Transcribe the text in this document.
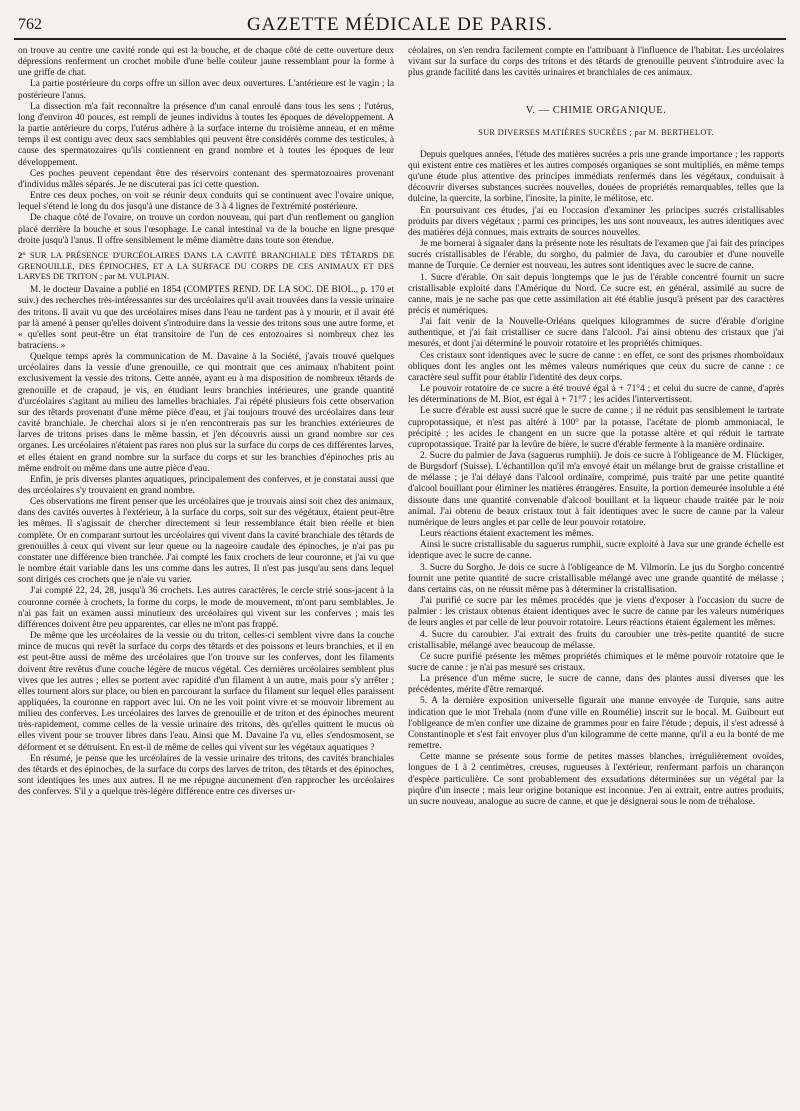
762	GAZETTE MÉDICALE DE PARIS.

on trouve au centre une cavité ronde qui est la bouche, et de chaque côté de cette ouverture deux dépressions renferment un crochet mobile d'une belle couleur jaune ressemblant pour la forme à une griffe de chat.

La partie postérieure du corps offre un sillon avec deux ouvertures. L'antérieure est le vagin ; la postérieure l'anus.

La dissection m'a fait reconnaître la présence d'un canal enroulé dans tous les sens ; l'utérus, long d'environ 40 pouces, est rempli de jeunes individus à toutes les époques de développement. A la partie antérieure du corps, l'utérus adhère à la surface interne du troisième anneau, et en même temps il est contigu avec deux sacs semblables qui peuvent être considérés comme des testicules, à cause des spermatozaires qu'ils contiennent en grand nombre et à toutes les époques de leur développement.

Ces poches peuvent cependant être des réservoirs contenant des spermatozoaires provenant d'individus mâles séparés. Je ne discuterai pas ici cette question.

Entre ces deux poches, on voit se réunir deux conduits qui se continuent avec l'ovaire unique, lequel s'étend le long du dos jusqu'à une distance de 3 à 4 lignes de l'extrémité postérieure.

De chaque côté de l'ovaire, on trouve un cordon nouveau, qui part d'un renflement ou ganglion placé derrière la bouche et sous l'œsophage. Le canal intestinal va de la bouche en ligne presque droite jusqu'à l'anus. Il offre sensiblement le même diamètre dans toute son étendue.

2° SUR LA PRÉSENCE D'URCÉOLAIRES DANS LA CAVITÉ BRANCHIALE DES TÊTARDS DE GRENOUILLE, DES ÉPINOCHES, ET A LA SURFACE DU CORPS DE CES ANIMAUX ET DES LARVES DE TRITON ; par M. VULPIAN.

M. le docteur Davaine a publié en 1854 (COMPTES REND. DE LA SOC. DE BIOL., p. 170 et suiv.) des recherches très-intéressantes sur des urcéolaires qu'il avait trouvées dans la vessie urinaire des tritons. Il avait vu que des urcéolaires mises dans l'eau ne tardent pas à y mourir, et il avait été par là amené à penser qu'elles doivent s'introduire dans la vessie des tritons sous une autre forme, et « qu'elles sont peut-être un état transitoire de l'un de ces entozoaires si nombreux chez les batraciens. »

Quelque temps après la communication de M. Davaine à la Société, j'avais trouvé quelques urcéolaires dans la vessie d'une grenouille, ce qui montrait que ces animaux n'habitent point exclusivement la vessie des tritons. Cette année, ayant eu à ma disposition de nombreux têtards de grenouille et de crapaud, je vis, en étudiant leurs branchies intérieures, une grande quantité d'urcéolaires s'agitant au milieu des lamelles brachiales. J'ai répété plusieurs fois cette observation sur des têtards provenant d'une même pièce d'eau, et j'ai toujours trouvé des urcéolaires dans leur cavité branchiale. Je cherchai alors si je n'en rencontrerais pas sur les branchies extérieures de larves de tritons prises dans le même bassin, et j'en découvris aussi un grand nombre sur ces organes. Les urcéolaires n'étaient pas rares non plus sur la surface du corps de ces différentes larves, et elles étaient en grand nombre sur la surface du corps et sur les branchies d'épinoches pris au même endroit ou même dans une autre pièce d'eau.

Enfin, je pris diverses plantes aquatiques, principalement des conferves, et je constatai aussi que des urcéolaires s'y trouvaient en grand nombre.

Ces observations me firent penser que les urcéolaires que je trouvais ainsi soit chez des animaux, dans des cavités ouvertes à l'extérieur, à la surface du corps, soit sur des végétaux, étaient peut-être les mêmes. Il s'agissait de chercher directement si leur ressemblance était bien réelle et bien complète. Or en comparant surtout les urcéolaires qui vivent dans la cavité branchiale des têtards de grenouilles à ceux qui vivent sur leur queue ou la nageoire caudale des épinoches, je n'ai pas pu constater une différence bien tranchée. J'ai compté les faux crochets de leur couronne, et j'ai vu que le nombre était variable dans les uns comme dans les autres. Il n'est pas jusqu'au sens dans lequel sont dirigés ces crochets que je n'aie vu varier.

J'ai compté 22, 24, 28, jusqu'à 36 crochets. Les autres caractères, le cercle strié sous-jacent à la couronne cornée à crochets, la forme du corps, le mode de mouvement, m'ont paru semblables. Je n'ai pas fait un examen aussi minutieux des urcéolaires qui vivent sur les conferves ; mais les différences doivent être peu apparentes, car elles ne m'ont pas frappé.

De même que les urcéolaires de la vessie ou du triton, celles-ci semblent vivre dans la couche mince de mucus qui revêt la surface du corps des têtards et des poissons et leurs branchies, et il en est peut-être aussi de même des urcéolaires que l'on trouve sur les conferves, dont les filaments doivent être revêtus d'une couche légère de mucus végétal. Ces dernières urcéolaires semblent plus vives que les autres ; elles se portent avec rapidité d'un filament à un autre, mais pour s'y arrêter ; elles tournent alors sur place, ou bien en parcourant la surface du filament sur lequel elles paraissent appliquées, la couronne en rapport avec lui. On ne les voit point vivre et se mouvoir librement au milieu des conferves. Les urcéolaires des larves de grenouille et de triton et des épinoches meurent très-rapidement, comme celles de la vessie urinaire des tritons, dès qu'elles quittent le mucus où elles vivent pour se trouver libres dans l'eau. Ainsi que M. Davaine l'a vu, elles s'endosmosent, se déforment et se détruisent. En est-il de même de celles qui vivent sur les végétaux aquatiques ?

En résumé, je pense que les urcéolaires de la vessie urinaire des tritons, des cavités branchiales des têtards et des épinoches, de la surface du corps des larves de triton, des têtards et des épinoches, sont identiques les unes aux autres. Il ne me répugne aucunement d'en rapprocher les urcéolaires des conferves. S'il y a quelque très-légère différence entre ces diverses ur-

céolaires, on s'en rendra facilement compte en l'attribuant à l'influence de l'habitat. Les urcéolaires vivant sur la surface du corps des tritons et des têtards de grenouille peuvent s'introduire avec la plus grande facilité dans les cavités urinaires et branchiales de ces animaux.

V. — CHIMIE ORGANIQUE.
SUR DIVERSES MATIÈRES SUCRÉES ; par M. BERTHELOT.

Depuis quelques années, l'étude des matières sucrées a pris une grande importance ; les rapports qui existent entre ces matières et les autres composés organiques se sont multipliés, en même temps qu'une étude plus attentive des principes immédiats renfermés dans les végétaux, conduisait à découvrir diverses substances sucrées nouvelles, douées de propriétés remarquables, telles que la dulcine, la quercite, la sorbine, l'inosite, la pinite, le mélitose, etc.

En poursuivant ces études, j'ai eu l'occasion d'examiner les principes sucrés cristallisables produits par divers végétaux ; parmi ces principes, les uns sont nouveaux, les autres identiques avec des matières déjà connues, mais extraits de sources nouvelles.

Je me bornerai à signaler dans la présente note les résultats de l'examen que j'ai fait des principes sucrés cristallisables de l'érable, du sorgho, du palmier de Java, du caroubier et d'une nouvelle manne de Turquie. Ce dernier est nouveau, les autres sont identiques avec le sucre de canne.

1. Sucre d'érable. On sait depuis longtemps que le jus de l'érable concentré fournit un sucre cristallisable exploité dans l'Amérique du Nord. Ce sucre est, en général, assimilé au sucre de canne, mais je ne sache pas que cette assimilation ait été établie jusqu'à présent par des caractères précis et numériques.

J'ai fait venir de la Nouvelle-Orléans quelques kilogrammes de sucre d'érable d'origine authentique, et j'ai fait cristalliser ce sucre dans l'alcool. J'ai ainsi obtenu des cristaux que j'ai mesurés, et dont j'ai déterminé le pouvoir rotatoire et les propriétés chimiques.

Ces cristaux sont identiques avec le sucre de canne : en effet, ce sont des prismes rhomboïdaux obliques dont les angles ont les mêmes valeurs numériques que ceux du sucre de canne : ce caractère seul suffit pour établir l'identité des deux corps.

Le pouvoir rotatoire de ce sucre a été trouvé égal à + 71°4 ; et celui du sucre de canne, d'après les déterminations de M. Biot, est égal à + 71°7 ; les acides l'intervertissent.

Le sucre d'érable est aussi sucré que le sucre de canne ; il ne réduit pas sensiblement le tartrate cupropotassique, et n'est pas altéré à 100° par la potasse, l'acétate de plomb ammoniacal, le précipité ; les acides le changent en un sucre que la potasse altère et qui réduit le tartrate cupropotassique. Traité par la levûre de bière, le sucre d'érable fermente à la manière ordinaire.

2. Sucre du palmier de Java (saguerus rumphii). Je dois ce sucre à l'obligeance de M. Flückiger, de Burgsdorf (Suisse). L'échantillon qu'il m'a envoyé était un mélange brut de graisse cristalline et de mélasse ; je l'ai délayé dans l'alcool ordinaire, comprimé, puis traité par une petite quantité d'alcool bouillant pour éliminer les matières étrangères. Ensuite, la portion demeurée insoluble a été dissoute dans une quantité convenable d'alcool bouillant et la liqueur chaude traitée par le noir animal. J'ai obtenu de beaux cristaux tout à fait identiques avec le sucre de canne par la valeur numérique de leurs angles et par celle de leur pouvoir rotatoire.

Leurs réactions étaient exactement les mêmes.

Ainsi le sucre cristallisable du saguerus rumphii, sucre exploité à Java sur une grande échelle est identique avec le sucre de canne.

3. Sucre du Sorgho. Je dois ce sucre à l'obligeance de M. Vilmorin. Le jus du Sorgho concentré fournit une petite quantité de sucre cristallisable mélangé avec une grande quantité de mélasse ; dans certains cas, on ne réussit même pas à déterminer la cristallisation.

J'ai purifié ce sucre par les mêmes procédés que je viens d'exposer à l'occasion du sucre de palmier : les cristaux obtenus étaient identiques avec le sucre de canne par les valeurs numériques de leurs angles et par celle de leur pouvoir rotatoire. Leurs réactions étaient également les mêmes.

4. Sucre du caroubier. J'ai extrait des fruits du caroubier une très-petite quantité de sucre cristallisable, mélangé avec beaucoup de mélasse.

Ce sucre purifié présente les mêmes propriétés chimiques et le même pouvoir rotatoire que le sucre de canne : je n'ai pas mesuré ses cristaux.

La présence d'un même sucre, le sucre de canne, dans des plantes aussi diverses que les précédentes, mérite d'être remarqué.

5. A la dernière exposition universelle figurait une manne envoyée de Turquie, sans autre indication que le mot Trehala (nom d'une ville en Roumélie) inscrit sur le bocal. M. Guibourt eut l'obligeance de m'en confier une dizaine de grammes pour en faire l'étude ; depuis, il s'est adressé à Constantinople et s'est fait envoyer plus d'un kilogramme de cette manne, qu'il a eu la bonté de me remettre.

Cette manne se présente sous forme de petites masses blanches, irrégulièrement ovoïdes, longues de 1 à 2 centimètres, creuses, rugueuses à l'extérieur, renfermant parfois un charançon d'espèce particulière. Ce sont probablement des exsudations déterminées sur un végétal par la piqûre d'un insecte ; mais leur origine botanique est inconnue. J'en ai extrait, entre autres produits, un sucre nouveau, analogue au sucre de canne, et que je désignerai sous le nom de tréhalose.
